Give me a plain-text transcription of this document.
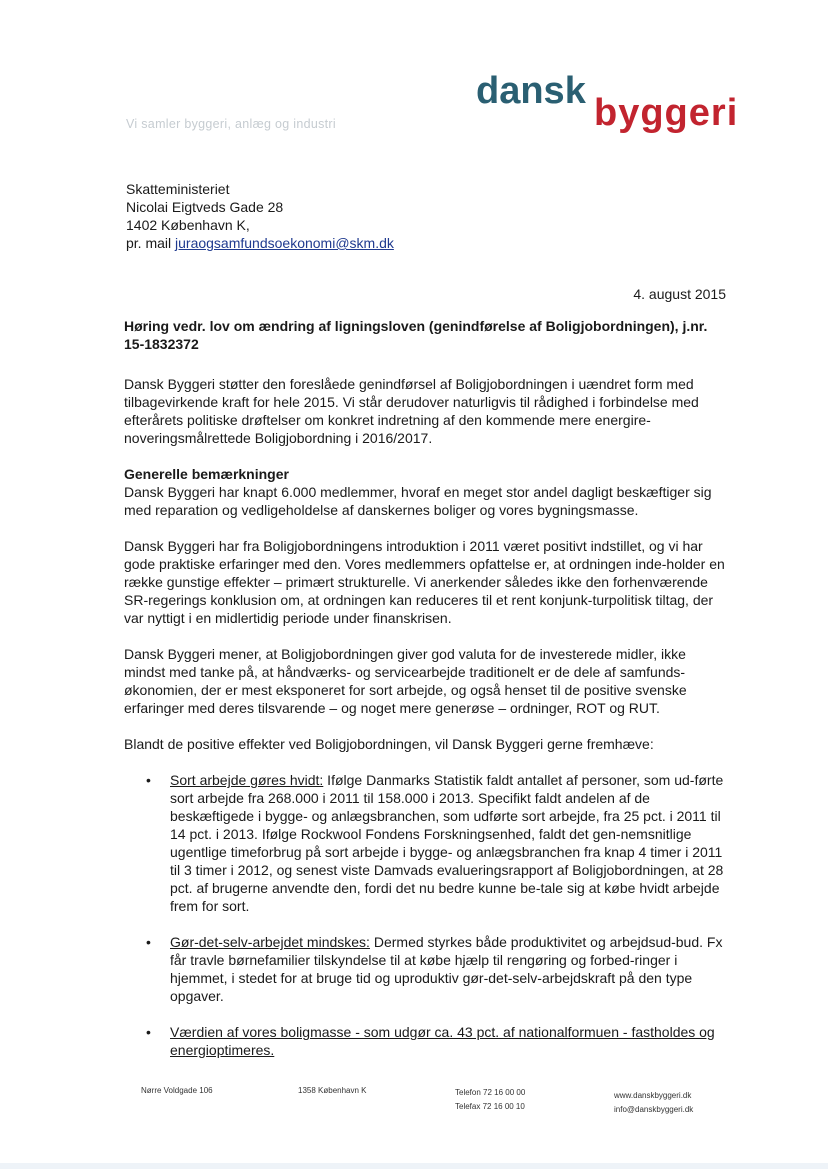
Vi samler byggeri, anlæg og industri
dansk
byggeri
Skatteministeriet
Nicolai Eigtveds Gade 28
1402 København K,
pr. mail juraogsamfundsoekonomi@skm.dk
4. august 2015

Høring vedr. lov om ændring af ligningsloven (genindførelse af Boligjobordningen), j.nr. 15-1832372

Dansk Byggeri støtter den foreslåede genindførsel af Boligjobordningen i uændret form med tilbagevirkende kraft for hele 2015. Vi står derudover naturligvis til rådighed i forbindelse med efterårets politiske drøftelser om konkret indretning af den kommende mere energire-noveringsmålrettede Boligjobordning i 2016/2017.

Generelle bemærkninger

Dansk Byggeri har knapt 6.000 medlemmer, hvoraf en meget stor andel dagligt beskæftiger sig med reparation og vedligeholdelse af danskernes boliger og vores bygningsmasse.

Dansk Byggeri har fra Boligjobordningens introduktion i 2011 været positivt indstillet, og vi har gode praktiske erfaringer med den. Vores medlemmers opfattelse er, at ordningen inde-holder en række gunstige effekter – primært strukturelle. Vi anerkender således ikke den forhenværende SR-regerings konklusion om, at ordningen kan reduceres til et rent konjunk-turpolitisk tiltag, der var nyttigt i en midlertidig periode under finanskrisen.

Dansk Byggeri mener, at Boligjobordningen giver god valuta for de investerede midler, ikke mindst med tanke på, at håndværks- og servicearbejde traditionelt er de dele af samfunds-økonomien, der er mest eksponeret for sort arbejde, og også henset til de positive svenske erfaringer med deres tilsvarende – og noget mere generøse – ordninger, ROT og RUT.

Blandt de positive effekter ved Boligjobordningen, vil Dansk Byggeri gerne fremhæve:

• Sort arbejde gøres hvidt: Ifølge Danmarks Statistik faldt antallet af personer, som ud-førte sort arbejde fra 268.000 i 2011 til 158.000 i 2013. Specifikt faldt andelen af de beskæftigede i bygge- og anlægsbranchen, som udførte sort arbejde, fra 25 pct. i 2011 til 14 pct. i 2013. Ifølge Rockwool Fondens Forskningsenhed, faldt det gen-nemsnitlige ugentlige timeforbrug på sort arbejde i bygge- og anlægsbranchen fra knap 4 timer i 2011 til 3 timer i 2012, og senest viste Damvads evalueringsrapport af Boligjobordningen, at 28 pct. af brugerne anvendte den, fordi det nu bedre kunne be-tale sig at købe hvidt arbejde frem for sort.
• Gør-det-selv-arbejdet mindskes: Dermed styrkes både produktivitet og arbejdsud-bud. Fx får travle børnefamilier tilskyndelse til at købe hjælp til rengøring og forbed-ringer i hjemmet, i stedet for at bruge tid og uproduktiv gør-det-selv-arbejdskraft på den type opgaver.
• Værdien af vores boligmasse - som udgør ca. 43 pct. af nationalformuen - fastholdes og energioptimeres.
Nørre Voldgade 106	1358 København K	Telefon 72 16 00 00
Telefax 72 16 00 10
www.danskbyggeri.dk
info@danskbyggeri.dk
